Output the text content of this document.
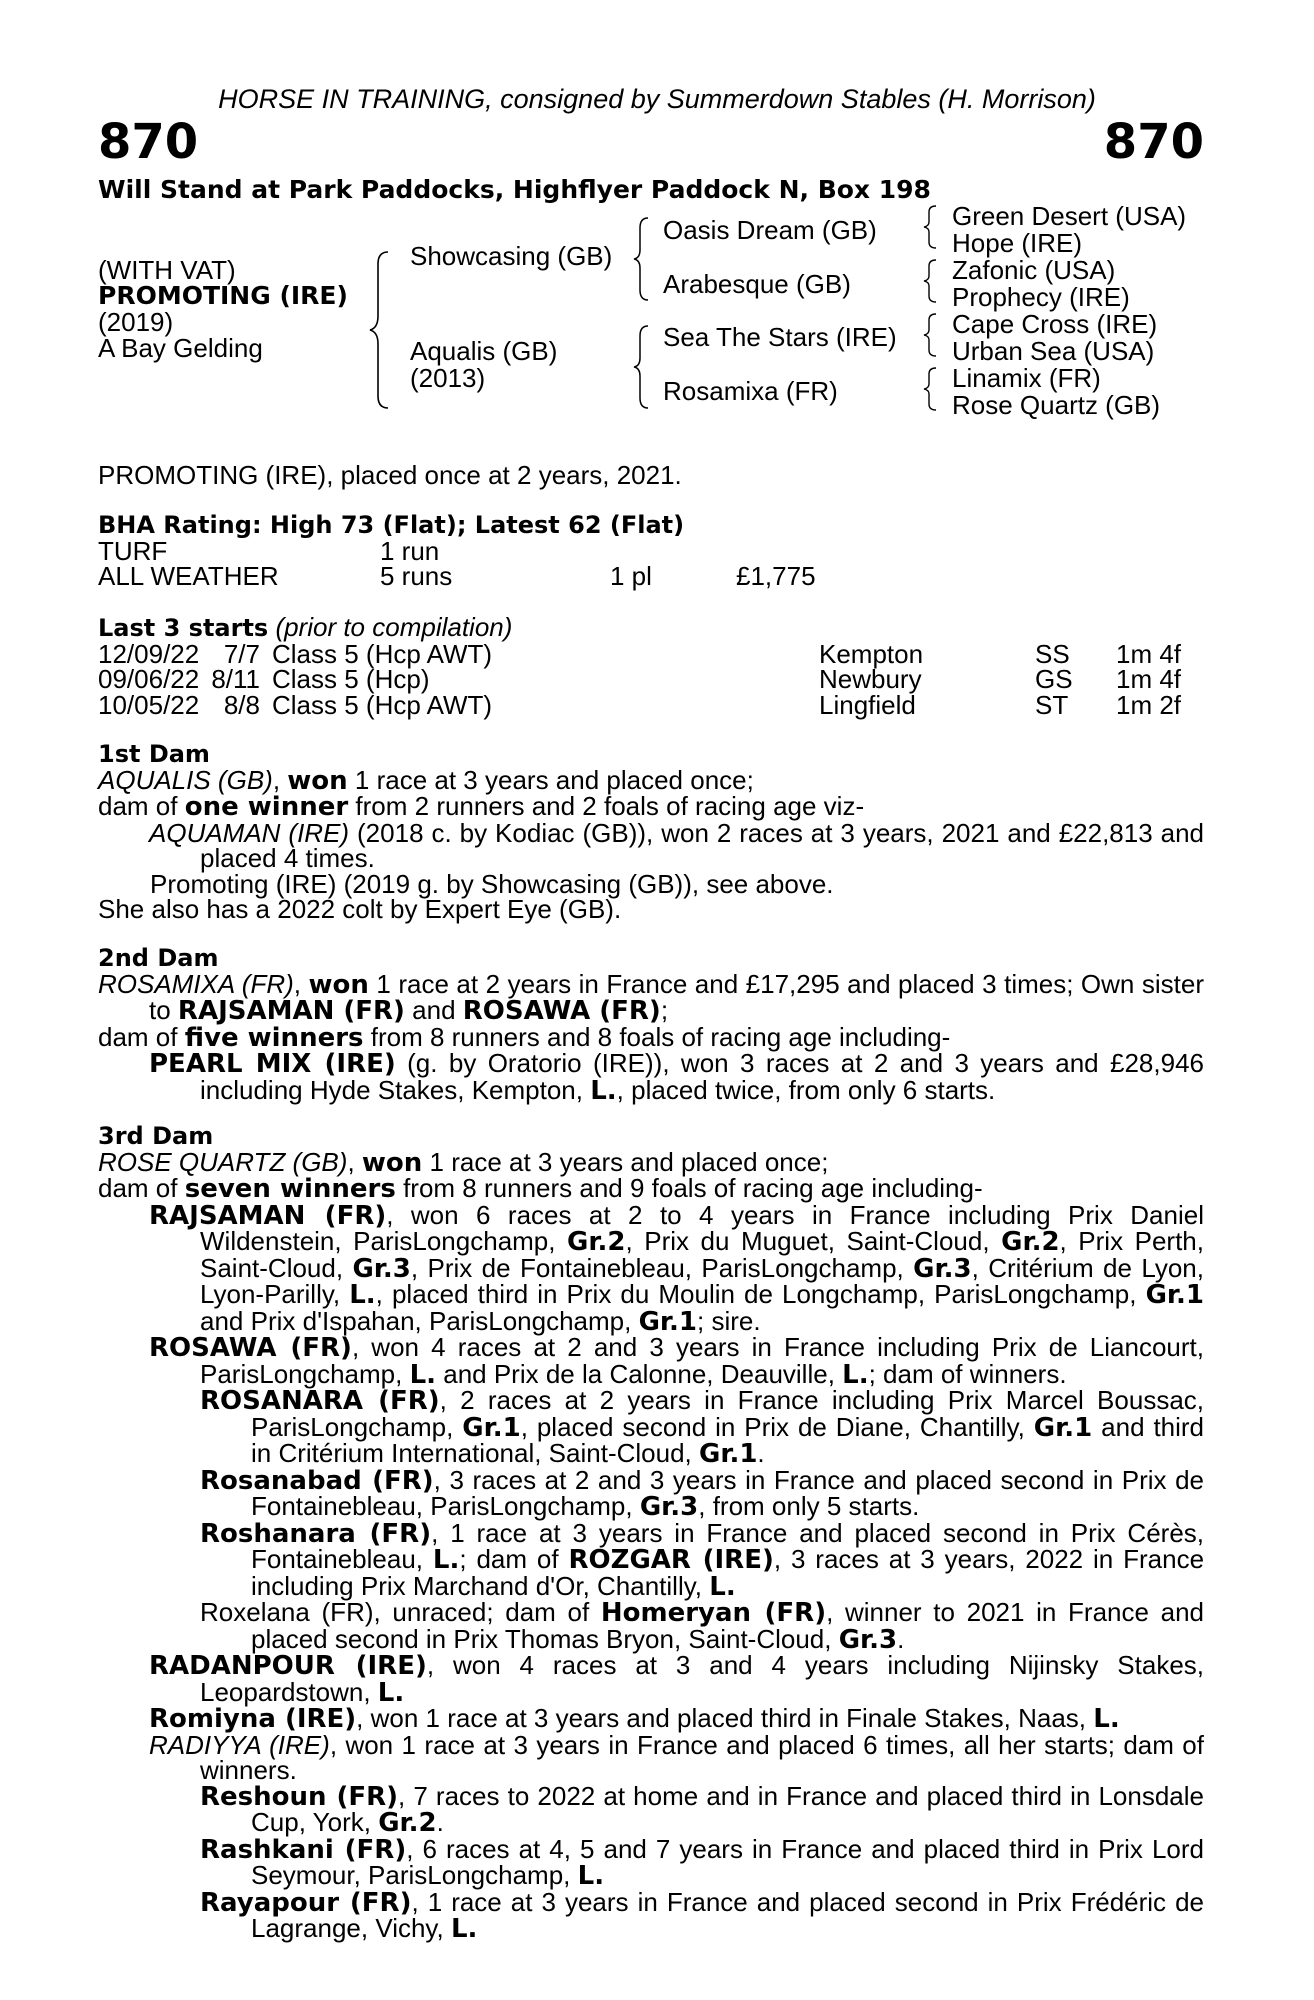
HORSE IN TRAINING, consigned by Summerdown Stables (H. Morrison)
870	870
Will Stand at Park Paddocks, Highflyer Paddock N, Box 198
(WITH VAT)
PROMOTING (IRE)
(2019)
A Bay Gelding
Showcasing (GB)
Aqualis (GB)
(2013)
Oasis Dream (GB)
Arabesque (GB)
Sea The Stars (IRE)
Rosamixa (FR)
Green Desert (USA)
Hope (IRE)
Zafonic (USA)
Prophecy (IRE)
Cape Cross (IRE)
Urban Sea (USA)
Linamix (FR)
Rose Quartz (GB)
PROMOTING (IRE), placed once at 2 years, 2021.
BHA Rating: High 73 (Flat); Latest 62 (Flat)
TURF	1 run
ALL WEATHER	5 runs	1 pl	£1,775
Last 3 starts (prior to compilation)
12/09/22 7/7 Class 5 (Hcp AWT)	Kempton	SS 1m 4f
09/06/22 8/11 Class 5 (Hcp)	Newbury	GS 1m 4f
10/05/22 8/8 Class 5 (Hcp AWT)	Lingfield	ST 1m 2f
1st Dam

AQUALIS (GB), won 1 race at 3 years and placed once;

dam of one winner from 2 runners and 2 foals of racing age viz-

AQUAMAN (IRE) (2018 c. by Kodiac (GB)), won 2 races at 3 years, 2021 and £22,813 and placed 4 times.

Promoting (IRE) (2019 g. by Showcasing (GB)), see above.

She also has a 2022 colt by Expert Eye (GB).

2nd Dam

ROSAMIXA (FR), won 1 race at 2 years in France and £17,295 and placed 3 times; Own sister to RAJSAMAN (FR) and ROSAWA (FR);

dam of five winners from 8 runners and 8 foals of racing age including-

PEARL MIX (IRE) (g. by Oratorio (IRE)), won 3 races at 2 and 3 years and £28,946 including Hyde Stakes, Kempton, L., placed twice, from only 6 starts.

3rd Dam

ROSE QUARTZ (GB), won 1 race at 3 years and placed once;

dam of seven winners from 8 runners and 9 foals of racing age including-

RAJSAMAN (FR), won 6 races at 2 to 4 years in France including Prix Daniel Wildenstein, ParisLongchamp, Gr.2, Prix du Muguet, Saint-Cloud, Gr.2, Prix Perth, Saint-Cloud, Gr.3, Prix de Fontainebleau, ParisLongchamp, Gr.3, Critérium de Lyon, Lyon-Parilly, L., placed third in Prix du Moulin de Longchamp, ParisLongchamp, Gr.1 and Prix d'Ispahan, ParisLongchamp, Gr.1; sire.

ROSAWA (FR), won 4 races at 2 and 3 years in France including Prix de Liancourt, ParisLongchamp, L. and Prix de la Calonne, Deauville, L.; dam of winners.

ROSANARA (FR), 2 races at 2 years in France including Prix Marcel Boussac, ParisLongchamp, Gr.1, placed second in Prix de Diane, Chantilly, Gr.1 and third in Critérium International, Saint-Cloud, Gr.1.

Rosanabad (FR), 3 races at 2 and 3 years in France and placed second in Prix de Fontainebleau, ParisLongchamp, Gr.3, from only 5 starts.

Roshanara (FR), 1 race at 3 years in France and placed second in Prix Cérès, Fontainebleau, L.; dam of ROZGAR (IRE), 3 races at 3 years, 2022 in France including Prix Marchand d'Or, Chantilly, L.

Roxelana (FR), unraced; dam of Homeryan (FR), winner to 2021 in France and placed second in Prix Thomas Bryon, Saint-Cloud, Gr.3.

RADANPOUR (IRE), won 4 races at 3 and 4 years including Nijinsky Stakes, Leopardstown, L.

Romiyna (IRE), won 1 race at 3 years and placed third in Finale Stakes, Naas, L.

RADIYYA (IRE), won 1 race at 3 years in France and placed 6 times, all her starts; dam of winners.

Reshoun (FR), 7 races to 2022 at home and in France and placed third in Lonsdale Cup, York, Gr.2.

Rashkani (FR), 6 races at 4, 5 and 7 years in France and placed third in Prix Lord Seymour, ParisLongchamp, L.

Rayapour (FR), 1 race at 3 years in France and placed second in Prix Frédéric de Lagrange, Vichy, L.
